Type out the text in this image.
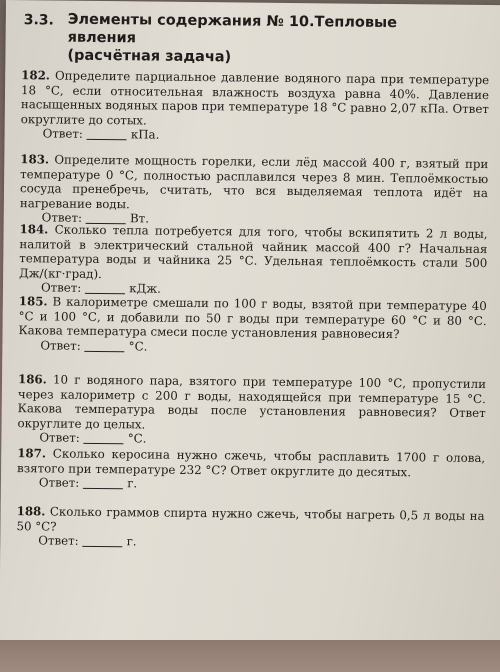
3.3. Элементы содержания № 10.Тепловые явления
(расчётная задача)
182. Определите парциальное давление водяного пара при температуре 18 °С, если относительная влажность воздуха равна 40%. Давление насыщенных водяных паров при температуре 18 °С равно 2,07 кПа. Ответ округлите до сотых.
Ответ:	кПа.
183. Определите мощность горелки, если лёд массой 400 г, взятый при температуре 0 °С, полностью расплавился через 8 мин. Теплоёмкостью сосуда пренебречь, считать, что вся выделяемая теплота идёт на нагревание воды.
Ответ:	Вт.
184. Сколько тепла потребуется для того, чтобы вскипятить 2 л воды, налитой в электрический стальной чайник массой 400 г? Начальная температура воды и чайника 25 °С. Удельная теплоёмкость стали 500 Дж/(кг·град).
Ответ:	кДж.
185. В калориметре смешали по 100 г воды, взятой при температуре 40 °С и 100 °С, и добавили по 50 г воды при температуре 60 °С и 80 °С. Какова температура смеси после установления равновесия?
Ответ:	°С.
186. 10 г водяного пара, взятого при температуре 100 °С, пропустили через калориметр с 200 г воды, находящейся при температуре 15 °С. Какова температура воды после установления равновесия? Ответ округлите до целых.
Ответ:	°С.
187. Сколько керосина нужно сжечь, чтобы расплавить 1700 г олова, взятого при температуре 232 °С? Ответ округлите до десятых.
Ответ:	г.
188. Сколько граммов спирта нужно сжечь, чтобы нагреть 0,5 л воды на 50 °С?
Ответ:	г.
